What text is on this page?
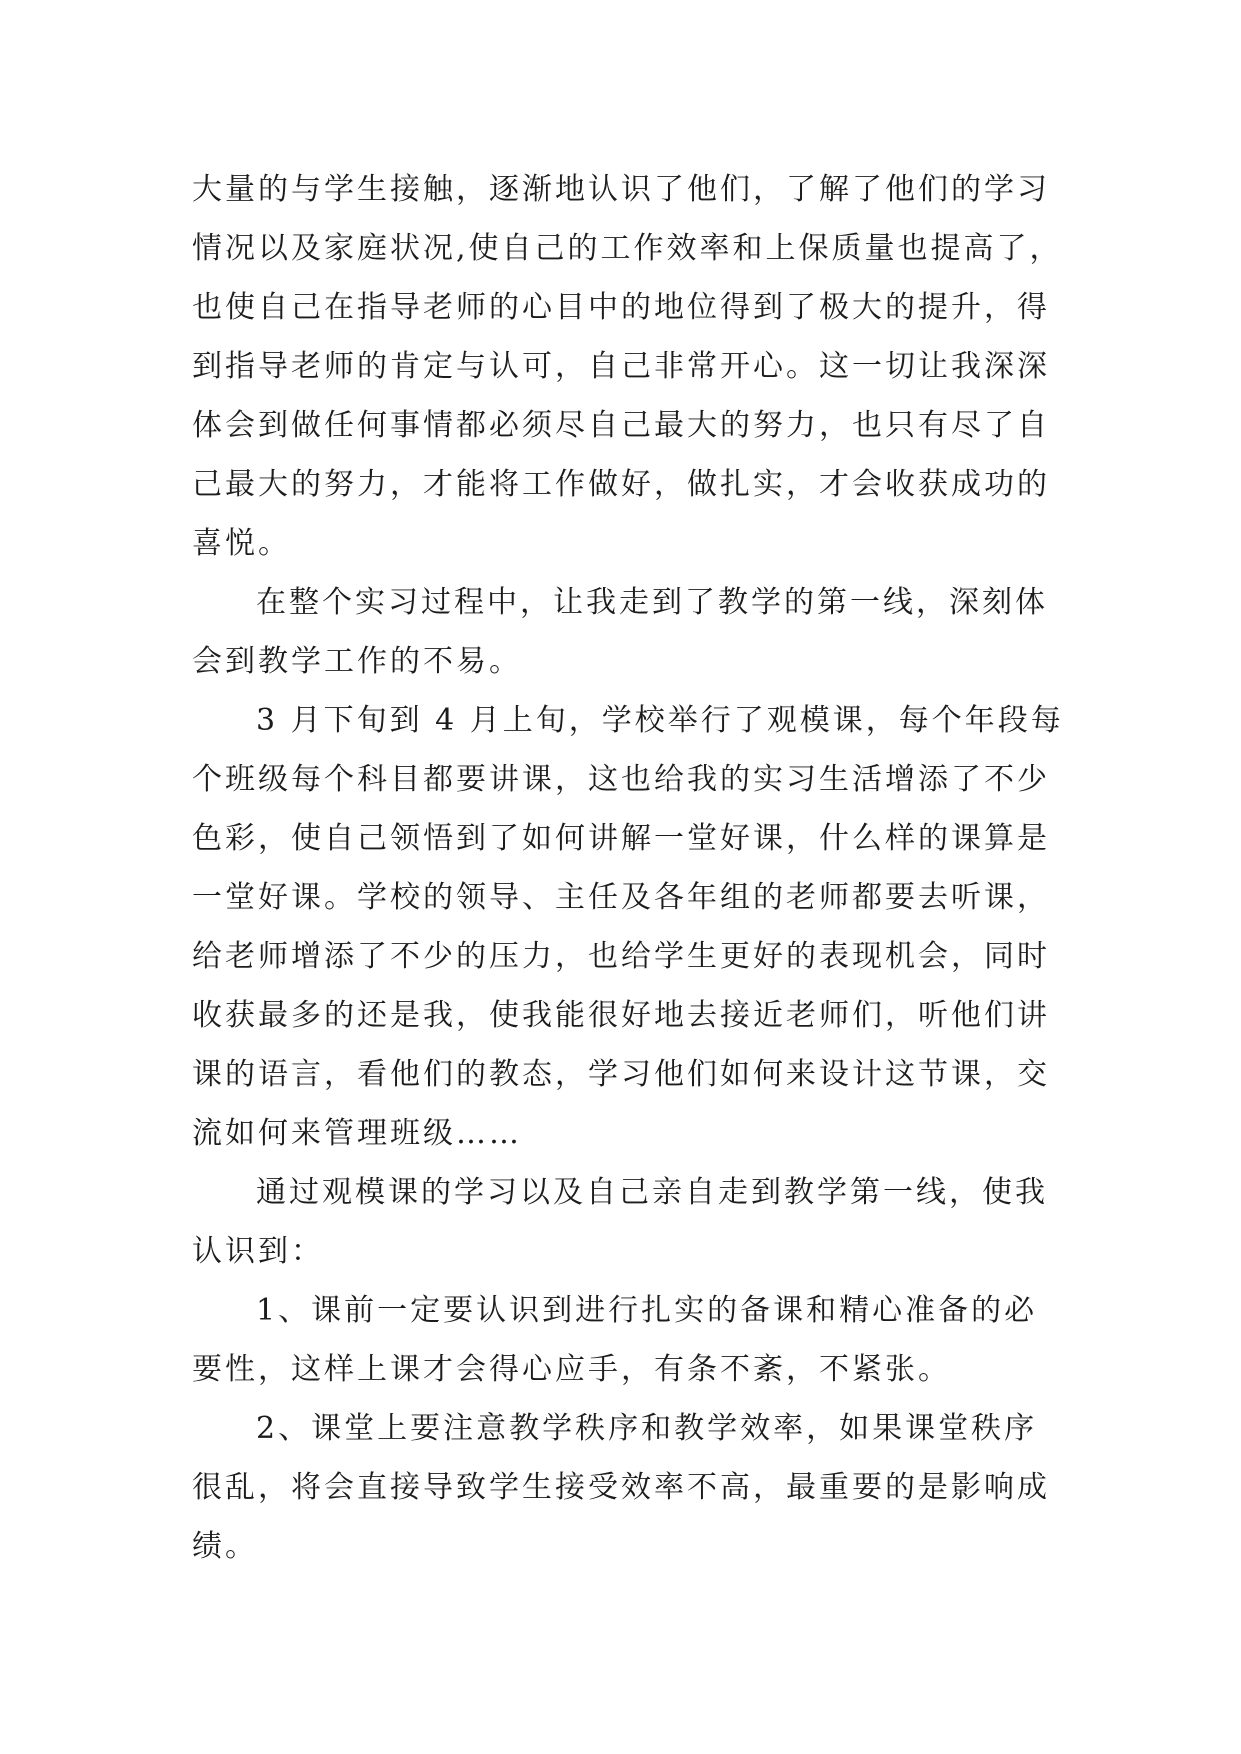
大量的与学生接触，逐渐地认识了他们，了解了他们的学习
情况以及家庭状况,使自己的工作效率和上保质量也提高了，
也使自己在指导老师的心目中的地位得到了极大的提升，得
到指导老师的肯定与认可，自己非常开心。这一切让我深深
体会到做任何事情都必须尽自己最大的努力，也只有尽了自
己最大的努力，才能将工作做好，做扎实，才会收获成功的
喜悦。
在整个实习过程中，让我走到了教学的第一线，深刻体
会到教学工作的不易。
3 月下旬到 4 月上旬，学校举行了观模课，每个年段每
个班级每个科目都要讲课，这也给我的实习生活增添了不少
色彩，使自己领悟到了如何讲解一堂好课，什么样的课算是
一堂好课。学校的领导、主任及各年组的老师都要去听课，
给老师增添了不少的压力，也给学生更好的表现机会，同时
收获最多的还是我，使我能很好地去接近老师们，听他们讲
课的语言，看他们的教态，学习他们如何来设计这节课，交
流如何来管理班级……
通过观模课的学习以及自己亲自走到教学第一线，使我
认识到：
1、课前一定要认识到进行扎实的备课和精心准备的必
要性，这样上课才会得心应手，有条不紊，不紧张。
2、课堂上要注意教学秩序和教学效率，如果课堂秩序
很乱，将会直接导致学生接受效率不高，最重要的是影响成
绩。
